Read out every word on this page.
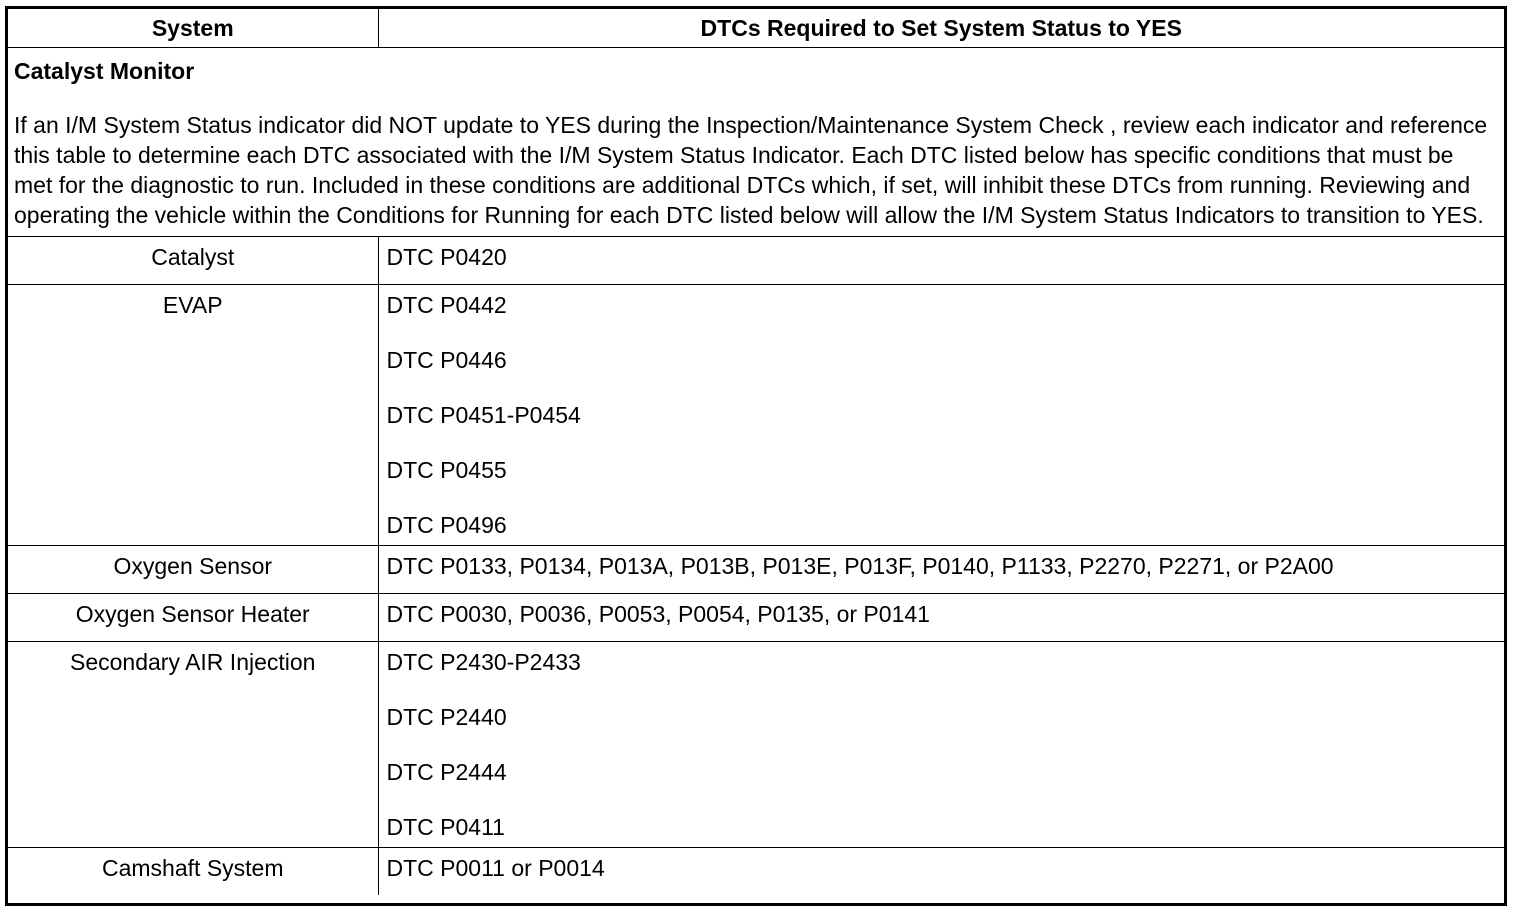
System	DTCs Required to Set System Status to YES

Catalyst Monitor

If an I/M System Status indicator did NOT update to YES during the Inspection/Maintenance System Check , review each indicator and reference this table to determine each DTC associated with the I/M System Status Indicator. Each DTC listed below has specific conditions that must be met for the diagnostic to run. Included in these conditions are additional DTCs which, if set, will inhibit these DTCs from running. Reviewing and operating the vehicle within the Conditions for Running for each DTC listed below will allow the I/M System Status Indicators to transition to YES.	

Catalyst	DTC P0420

EVAP	DTC P0442
DTC P0446
DTC P0451-P0454
DTC P0455
DTC P0496

Oxygen Sensor	DTC P0133, P0134, P013A, P013B, P013E, P013F, P0140, P1133, P2270, P2271, or P2A00

Oxygen Sensor Heater	DTC P0030, P0036, P0053, P0054, P0135, or P0141

Secondary AIR Injection	DTC P2430-P2433
DTC P2440
DTC P2444
DTC P0411

Camshaft System	DTC P0011 or P0014
